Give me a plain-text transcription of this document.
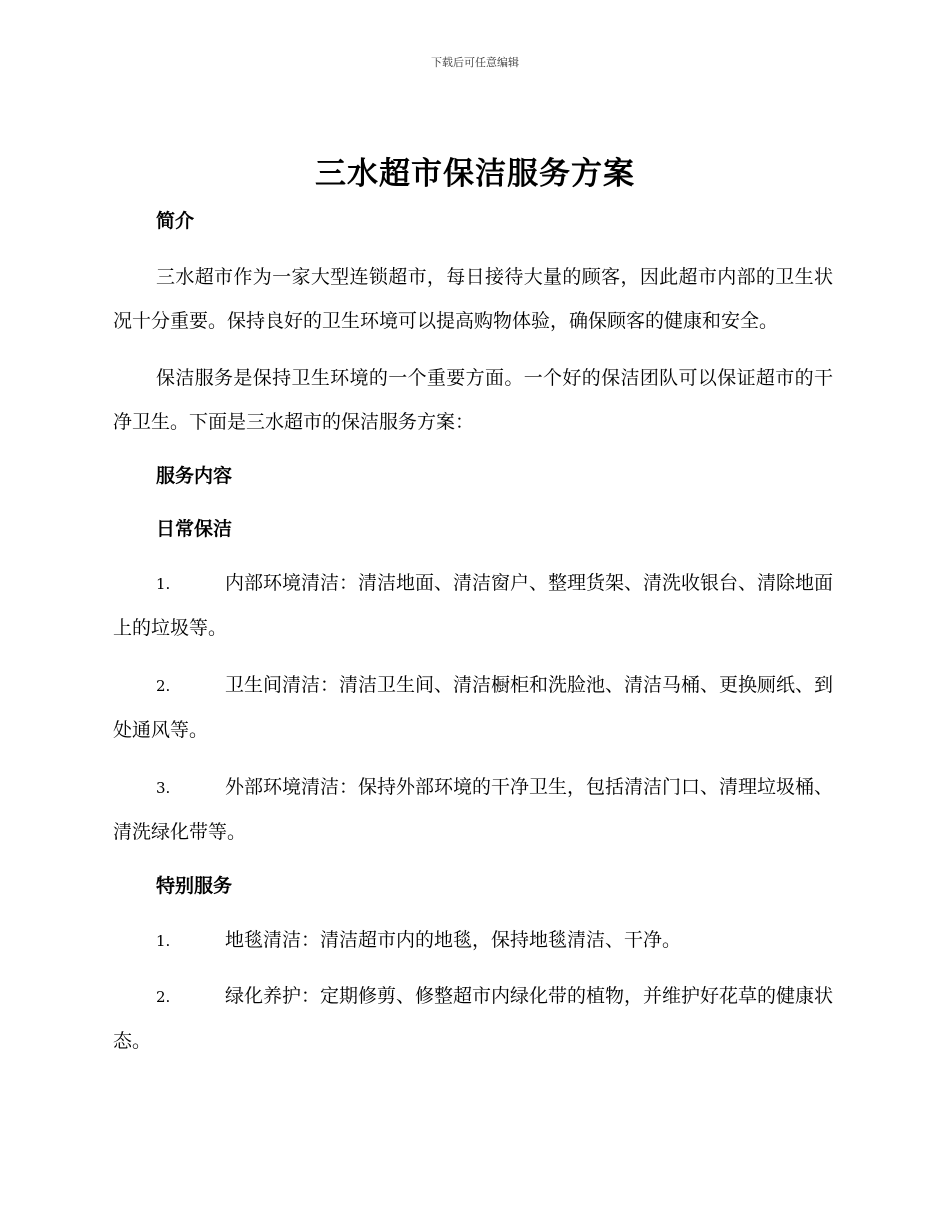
下载后可任意编辑
三水超市保洁服务方案

简介

三水超市作为一家大型连锁超市，每日接待大量的顾客，因此超市内部的卫生状况十分重要。保持良好的卫生环境可以提高购物体验，确保顾客的健康和安全。

保洁服务是保持卫生环境的一个重要方面。一个好的保洁团队可以保证超市的干净卫生。下面是三水超市的保洁服务方案：

服务内容

日常保洁

1.	内部环境清洁：清洁地面、清洁窗户、整理货架、清洗收银台、清除地面上的垃圾等。

2.	卫生间清洁：清洁卫生间、清洁橱柜和洗脸池、清洁马桶、更换厕纸、到处通风等。

3.	外部环境清洁：保持外部环境的干净卫生，包括清洁门口、清理垃圾桶、清洗绿化带等。

特别服务

1.	地毯清洁：清洁超市内的地毯，保持地毯清洁、干净。

2.	绿化养护：定期修剪、修整超市内绿化带的植物，并维护好花草的健康状态。
